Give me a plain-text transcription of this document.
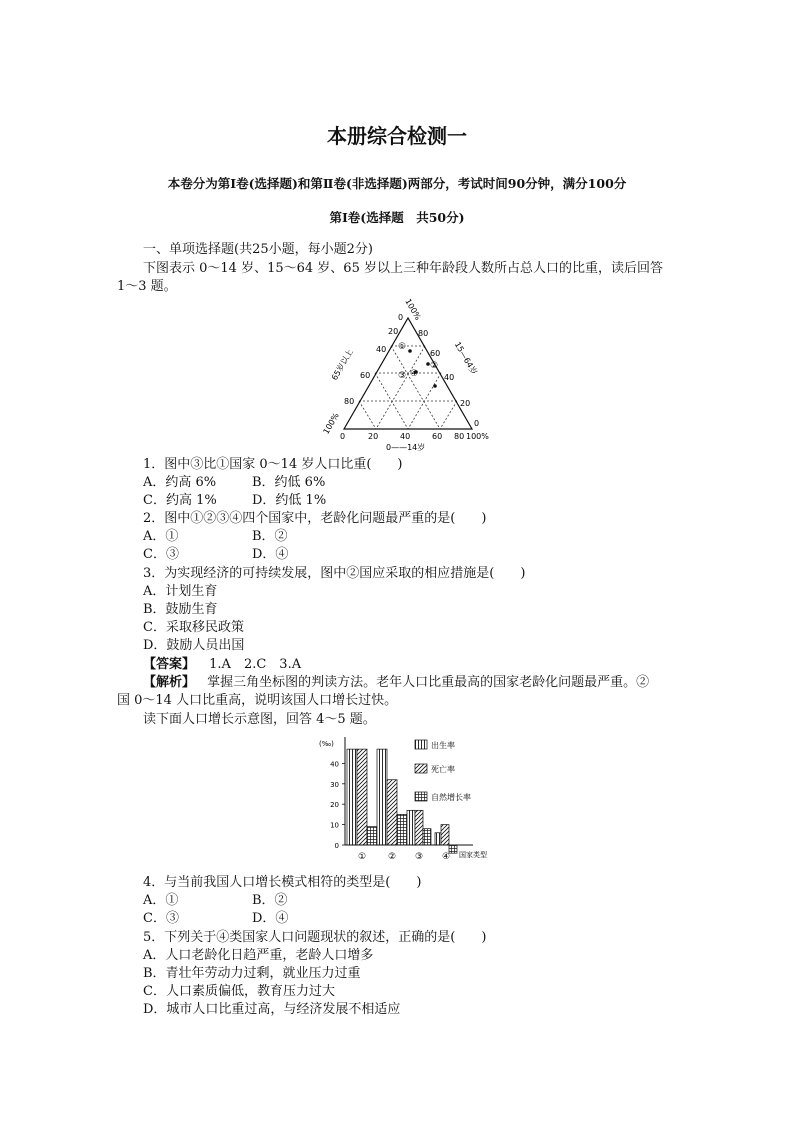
本册综合检测一
本卷分为第Ⅰ卷(选择题)和第Ⅱ卷(非选择题)两部分，考试时间90分钟，满分100分
第Ⅰ卷(选择题　共50分)
一、单项选择题(共25小题，每小题2分)
下图表示 0～14 岁、15～64 岁、65 岁以上三种年龄段人数所占总人口的比重，读后回答
1～3 题。
0	20	40	60 80 100%
0——14岁
100%
80
60
40
20
0
65岁以上
100%
80
60
40
20
0
15—64岁
①
②
③ ④
1．图中③比①国家 0～14 岁人口比重(　　)
A．约高 6%	B．约低 6%
C．约高 1%	D．约低 1%
2．图中①②③④四个国家中，老龄化问题最严重的是(　　)
A．①	B．②
C．③	D．④
3．为实现经济的可持续发展，图中②国应采取的相应措施是(　　)
A．计划生育
B．鼓励生育
C．采取移民政策
D．鼓励人员出国
【答案】 1.A　2.C　3.A
【解析】 掌握三角坐标图的判读方法。老年人口比重最高的国家老龄化问题最严重。②
国 0～14 人口比重高，说明该国人口增长过快。
读下面人口增长示意图，回答 4～5 题。
0
10
20
30
40
① ② ③ ④
(‰)
国家类型
出生率
死亡率
自然增长率
4．与当前我国人口增长模式相符的类型是(　　)
A．①	B．②
C．③	D．④
5．下列关于④类国家人口问题现状的叙述，正确的是(　　)
A．人口老龄化日趋严重，老龄人口增多
B．青壮年劳动力过剩，就业压力过重
C．人口素质偏低，教育压力过大
D．城市人口比重过高，与经济发展不相适应
